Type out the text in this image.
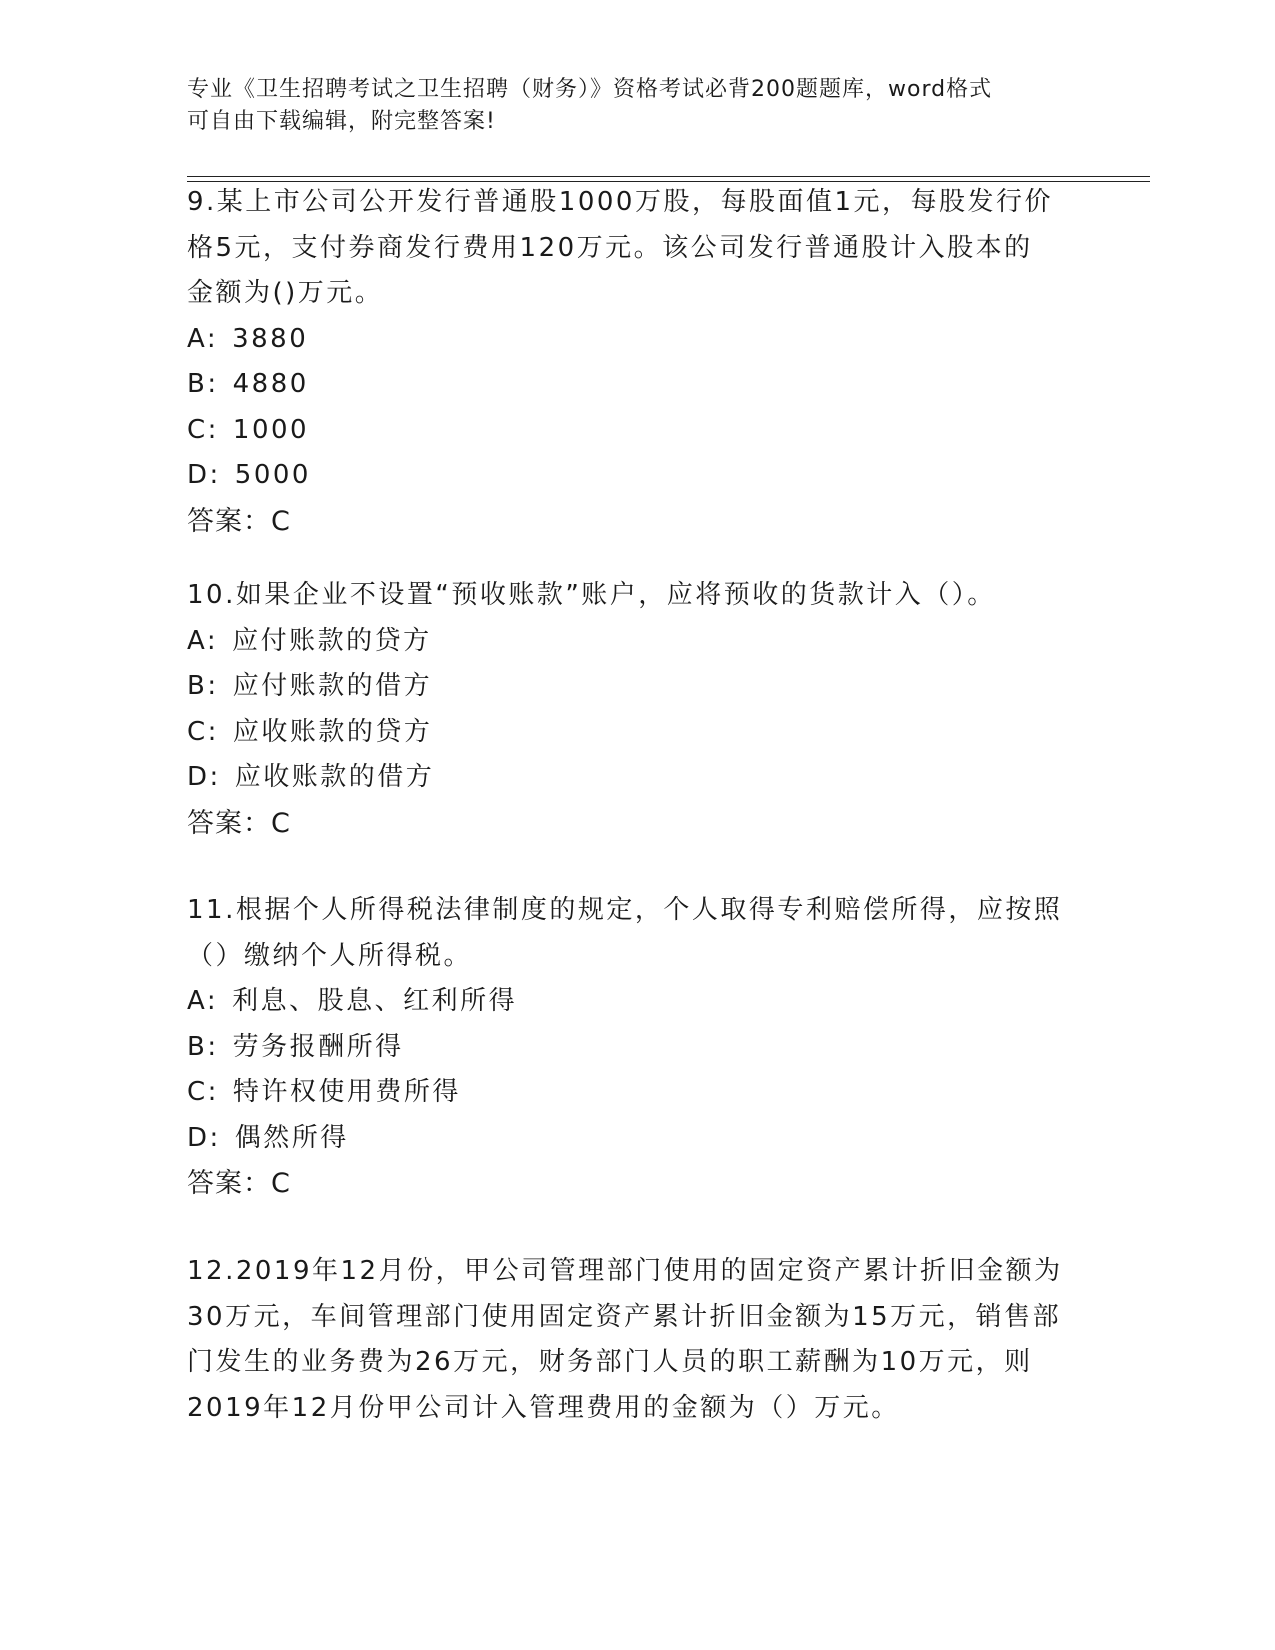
专业《卫生招聘考试之卫生招聘（财务）》资格考试必背200题题库，word格式
可自由下载编辑，附完整答案!
9.某上市公司公开发行普通股1000万股，每股面值1元，每股发行价
格5元，支付券商发行费用120万元。该公司发行普通股计入股本的
金额为()万元。
A: 3880
B: 4880
C: 1000
D: 5000
答案：C
10.如果企业不设置“预收账款”账户，应将预收的货款计入（）。
A: 应付账款的贷方
B: 应付账款的借方
C: 应收账款的贷方
D: 应收账款的借方
答案：C
11.根据个人所得税法律制度的规定，个人取得专利赔偿所得，应按照
（）缴纳个人所得税。
A: 利息、股息、红利所得
B: 劳务报酬所得
C: 特许权使用费所得
D: 偶然所得
答案：C
12.2019年12月份，甲公司管理部门使用的固定资产累计折旧金额为
30万元，车间管理部门使用固定资产累计折旧金额为15万元，销售部
门发生的业务费为26万元，财务部门人员的职工薪酬为10万元，则
2019年12月份甲公司计入管理费用的金额为（）万元。
